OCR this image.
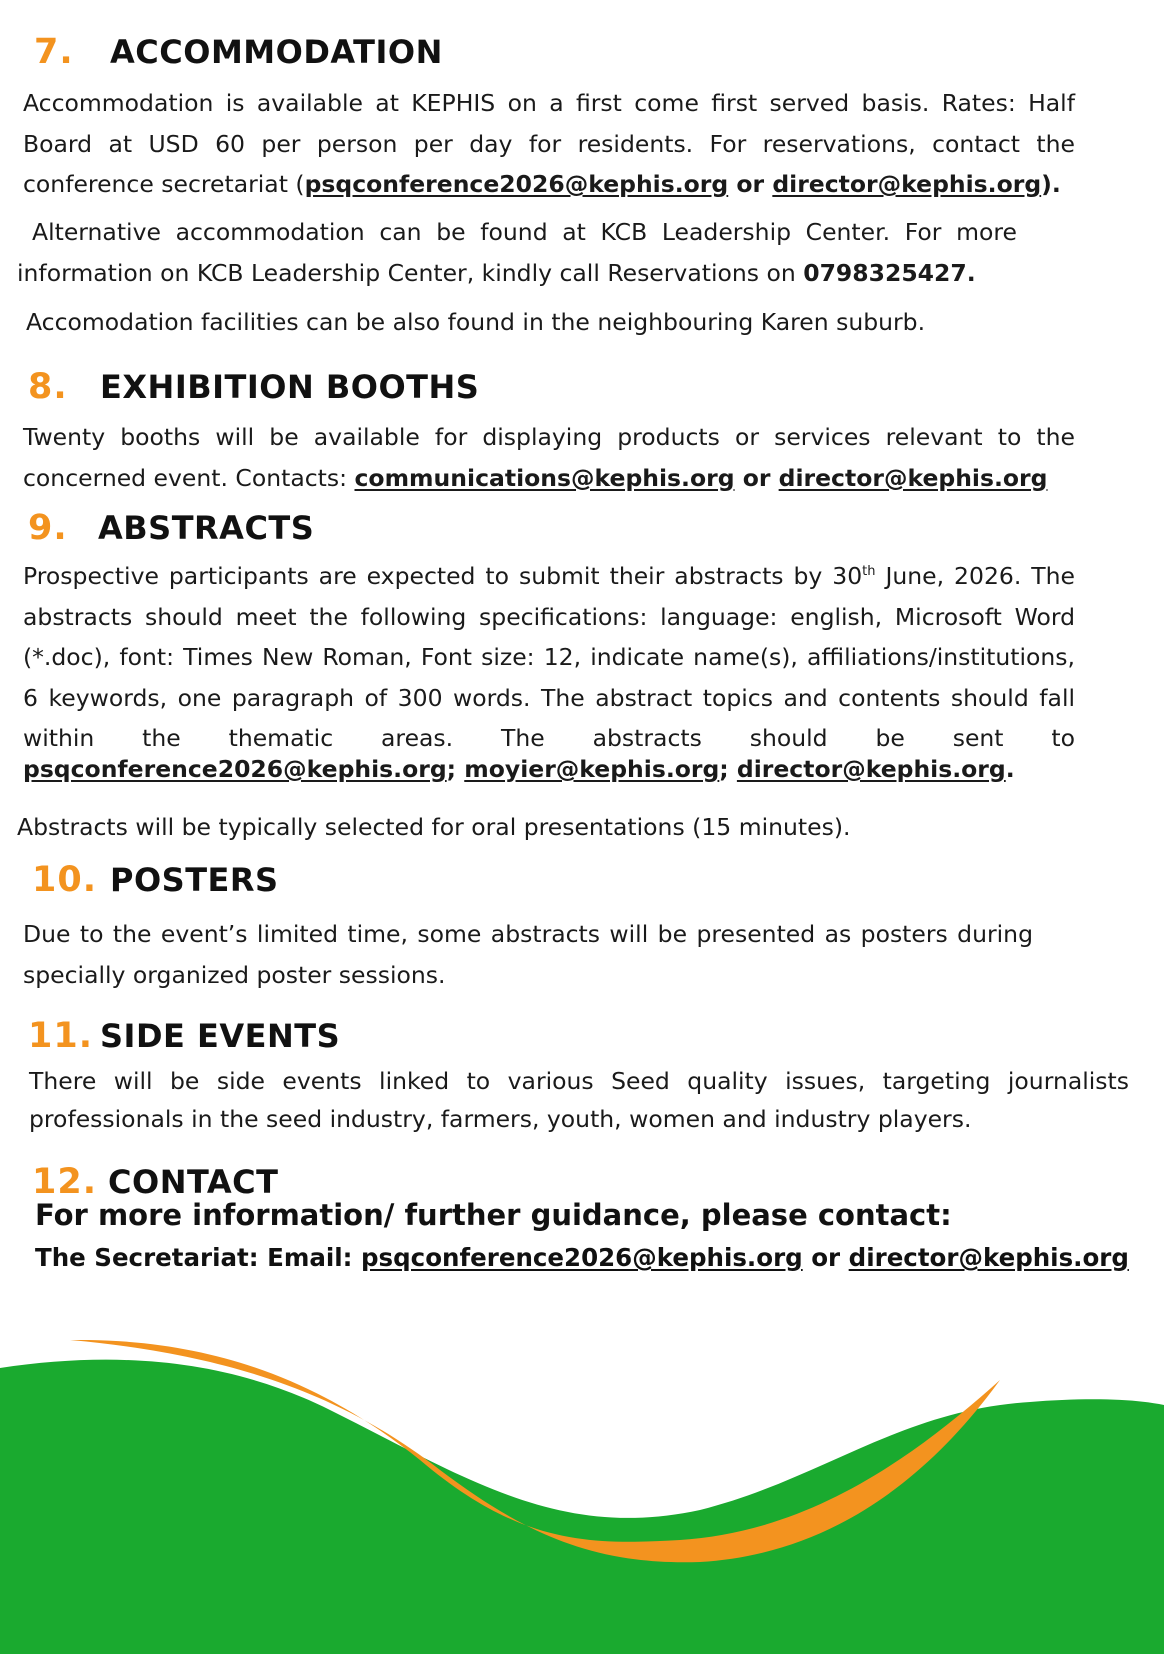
7.	ACCOMMODATION
Accommodation is available at KEPHIS on a first come first served basis. Rates: Half Board at USD 60 per person per day for residents. For reservations, contact the conference secretariat (psqconference2026@kephis.org or director@kephis.org).
Alternative accommodation can be found at KCB Leadership Center. For more information on KCB Leadership Center, kindly call Reservations on 0798325427.
Accomodation facilities can be also found in the neighbouring Karen suburb.
8.	EXHIBITION BOOTHS
Twenty booths will be available for displaying products or services relevant to the concerned event. Contacts: communications@kephis.org or director@kephis.org
9. ABSTRACTS
Prospective participants are expected to submit their abstracts by 30th June, 2026. The abstracts should meet the following specifications: language: english, Microsoft Word (*.doc), font: Times New Roman, Font size: 12, indicate name(s), affiliations/institutions, 6 keywords, one paragraph of 300 words. The abstract topics and contents should fall within the thematic areas. The abstracts should be sent to
psqconference2026@kephis.org; moyier@kephis.org; director@kephis.org.
Abstracts will be typically selected for oral presentations (15 minutes).
10. POSTERS
Due to the event’s limited time, some abstracts will be presented as posters during specially organized poster sessions.
11. SIDE EVENTS
There will be side events linked to various Seed quality issues, targeting journalists
professionals in the seed industry, farmers, youth, women and industry players.
12. CONTACT
For more information/ further guidance, please contact:
The Secretariat: Email: psqconference2026@kephis.org or director@kephis.org
